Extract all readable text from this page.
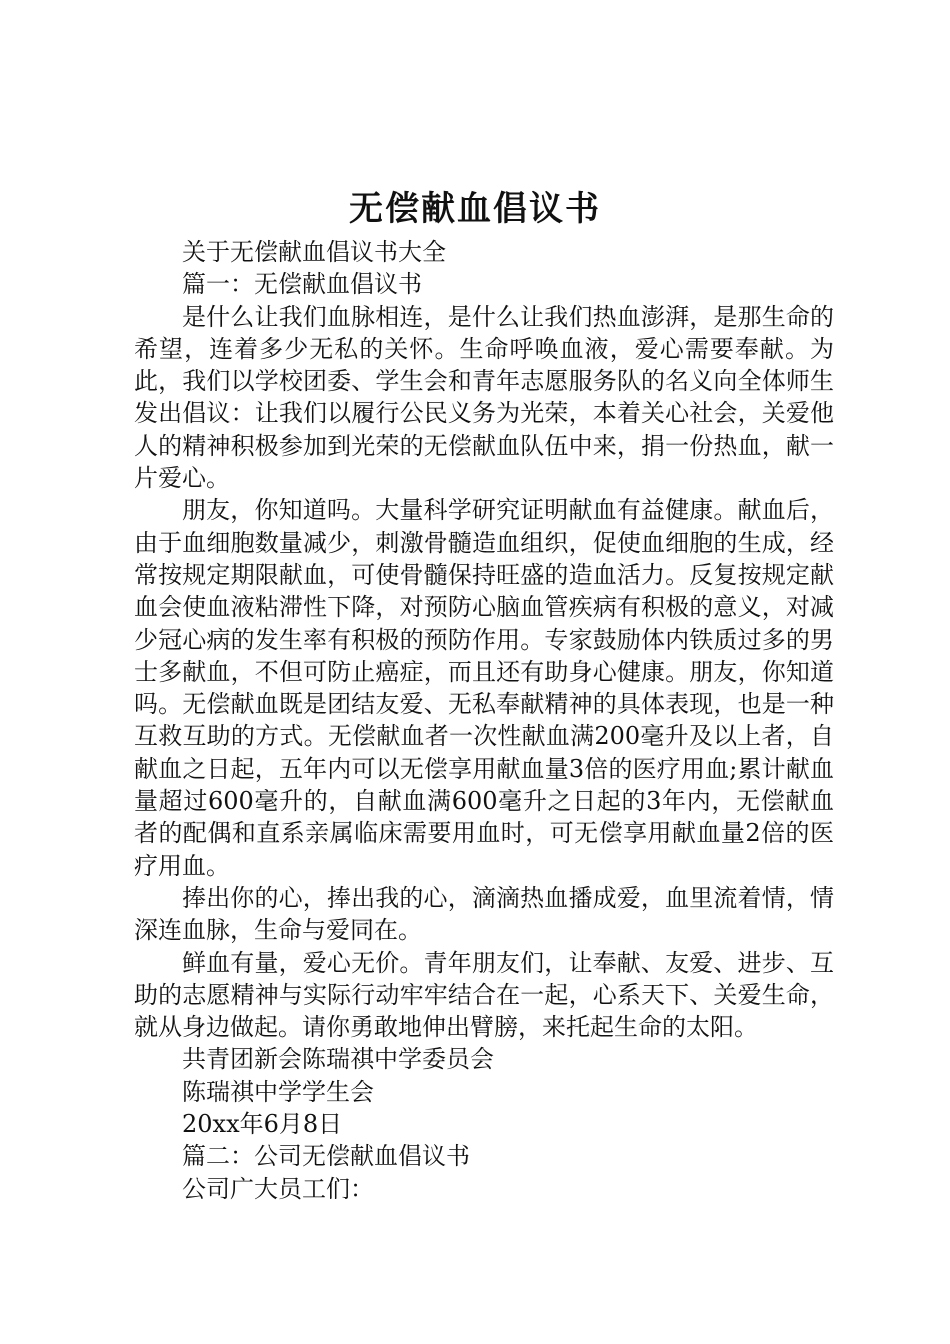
无偿献血倡议书

关于无偿献血倡议书大全

篇一：无偿献血倡议书

是什么让我们血脉相连，是什么让我们热血澎湃，是那生命的希望，连着多少无私的关怀。生命呼唤血液，爱心需要奉献。为此，我们以学校团委、学生会和青年志愿服务队的名义向全体师生发出倡议：让我们以履行公民义务为光荣，本着关心社会，关爱他人的精神积极参加到光荣的无偿献血队伍中来，捐一份热血，献一片爱心。

朋友，你知道吗。大量科学研究证明献血有益健康。献血后，由于血细胞数量减少，刺激骨髓造血组织，促使血细胞的生成，经常按规定期限献血，可使骨髓保持旺盛的造血活力。反复按规定献血会使血液粘滞性下降，对预防心脑血管疾病有积极的意义，对减少冠心病的发生率有积极的预防作用。专家鼓励体内铁质过多的男士多献血，不但可防止癌症，而且还有助身心健康。朋友，你知道吗。无偿献血既是团结友爱、无私奉献精神的具体表现，也是一种互救互助的方式。无偿献血者一次性献血满200毫升及以上者，自献血之日起，五年内可以无偿享用献血量3倍的医疗用血;累计献血量超过600毫升的，自献血满600毫升之日起的3年内，无偿献血者的配偶和直系亲属临床需要用血时，可无偿享用献血量2倍的医疗用血。

捧出你的心，捧出我的心，滴滴热血播成爱，血里流着情，情深连血脉，生命与爱同在。

鲜血有量，爱心无价。青年朋友们，让奉献、友爱、进步、互助的志愿精神与实际行动牢牢结合在一起，心系天下、关爱生命，就从身边做起。请你勇敢地伸出臂膀，来托起生命的太阳。

共青团新会陈瑞祺中学委员会

陈瑞祺中学学生会

20xx年6月8日

篇二：公司无偿献血倡议书

公司广大员工们：
